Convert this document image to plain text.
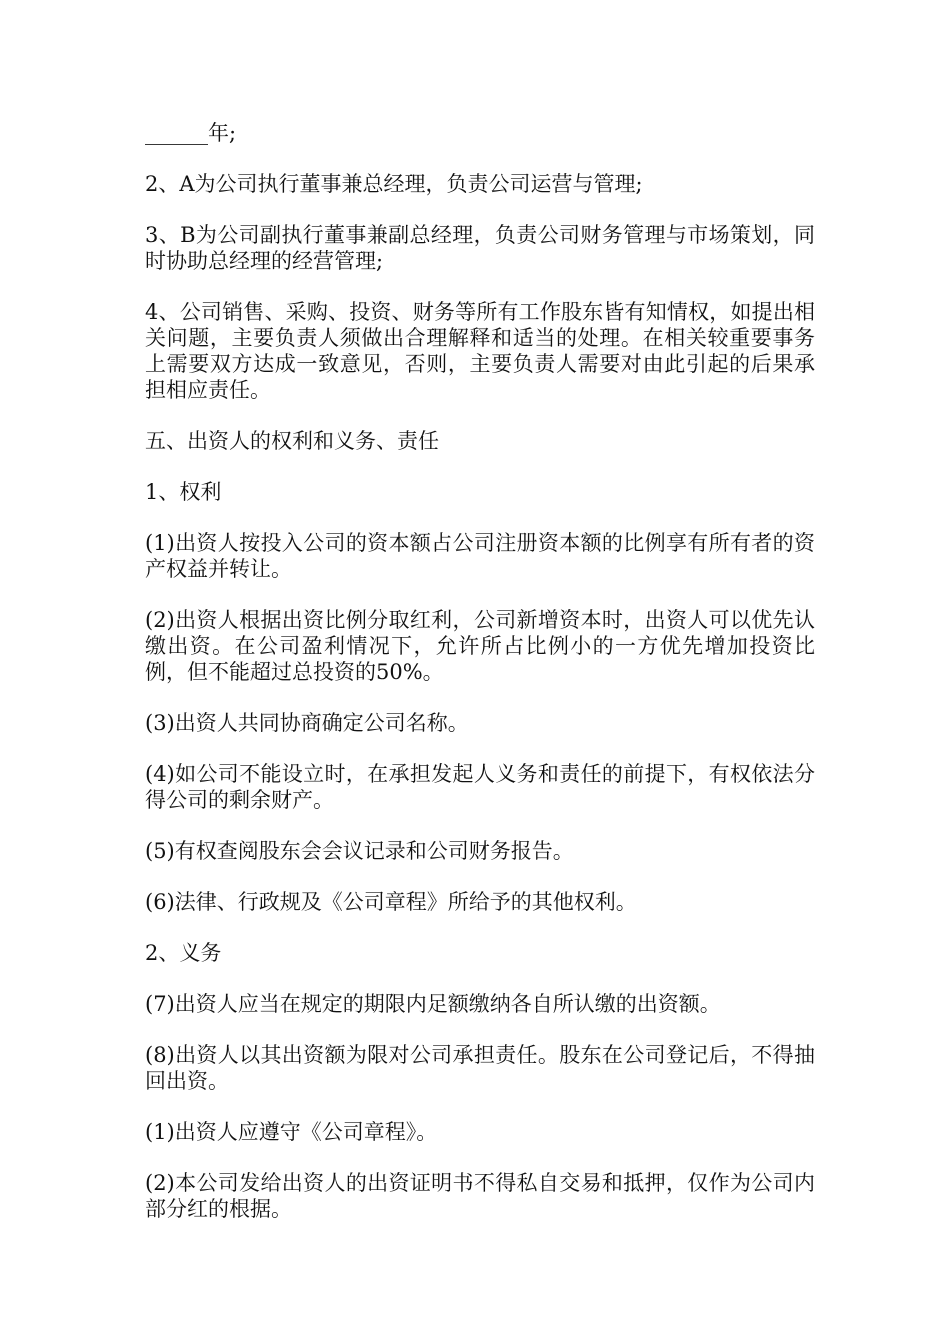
______年;

2、A为公司执行董事兼总经理，负责公司运营与管理;

3、B为公司副执行董事兼副总经理，负责公司财务管理与市场策划，同时协助总经理的经营管理;

4、公司销售、采购、投资、财务等所有工作股东皆有知情权，如提出相关问题，主要负责人须做出合理解释和适当的处理。在相关较重要事务上需要双方达成一致意见，否则，主要负责人需要对由此引起的后果承担相应责任。

五、出资人的权利和义务、责任

1、权利

(1)出资人按投入公司的资本额占公司注册资本额的比例享有所有者的资产权益并转让。

(2)出资人根据出资比例分取红利，公司新增资本时，出资人可以优先认缴出资。在公司盈利情况下，允许所占比例小的一方优先增加投资比例，但不能超过总投资的50%。

(3)出资人共同协商确定公司名称。

(4)如公司不能设立时，在承担发起人义务和责任的前提下，有权依法分得公司的剩余财产。

(5)有权查阅股东会会议记录和公司财务报告。

(6)法律、行政规及《公司章程》所给予的其他权利。

2、义务

(7)出资人应当在规定的期限内足额缴纳各自所认缴的出资额。

(8)出资人以其出资额为限对公司承担责任。股东在公司登记后，不得抽回出资。

(1)出资人应遵守《公司章程》。

(2)本公司发给出资人的出资证明书不得私自交易和抵押，仅作为公司内部分红的根据。
